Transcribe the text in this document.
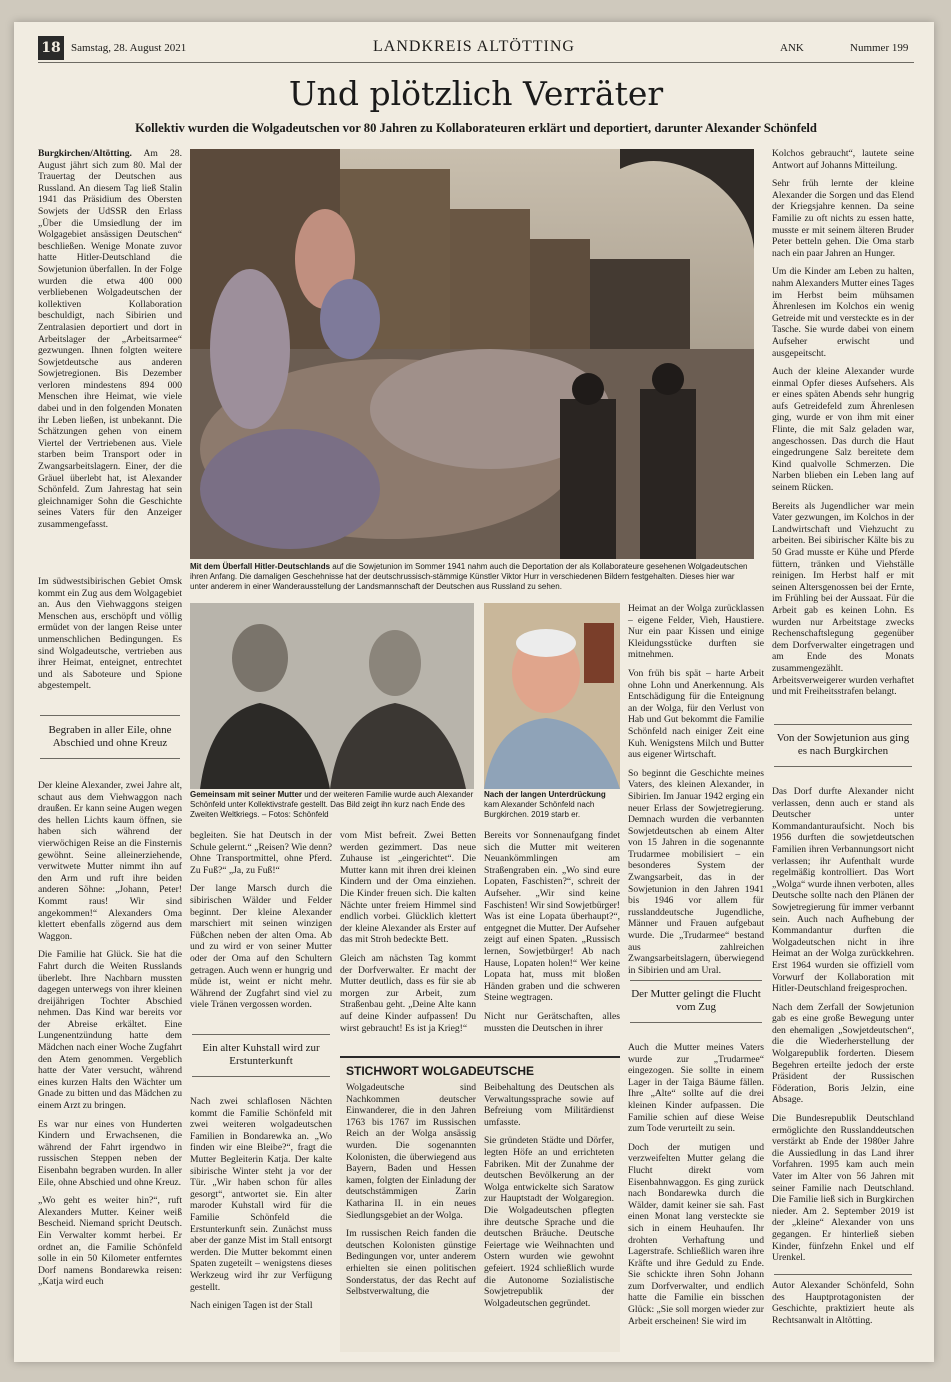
18 Samstag, 28. August 2021	LANDKREIS ALTÖTTING	ANK	Nummer 199
Und plötzlich Verräter
Kollektiv wurden die Wolgadeutschen vor 80 Jahren zu Kollaborateuren erklärt und deportiert, darunter Alexander Schönfeld

Burgkirchen/Altötting. Am 28. August jährt sich zum 80. Mal der Trauertag der Deutschen aus Russland. An diesem Tag ließ Stalin 1941 das Präsidium des Obersten Sowjets der UdSSR den Erlass „Über die Umsiedlung der im Wolgagebiet ansässigen Deutschen“ beschließen. Wenige Monate zuvor hatte Hitler-Deutschland die Sowjetunion überfallen. In der Folge wurden die etwa 400 000 verbliebenen Wolgadeutschen der kollektiven Kollaboration beschuldigt, nach Sibirien und Zentralasien deportiert und dort in Arbeitslager der „Arbeitsarmee“ gezwungen. Ihnen folgten weitere Sowjetdeutsche aus anderen Sowjetregionen. Bis Dezember verloren mindestens 894 000 Menschen ihre Heimat, wie viele dabei und in den folgenden Monaten ihr Leben ließen, ist unbekannt. Die Schätzungen gehen von einem Viertel der Vertriebenen aus. Viele starben beim Transport oder in Zwangsarbeitslagern. Einer, der die Gräuel überlebt hat, ist Alexander Schönfeld. Zum Jahrestag hat sein gleichnamiger Sohn die Geschichte seines Vaters für den Anzeiger zusammengefasst.

Im südwestsibirischen Gebiet Omsk kommt ein Zug aus dem Wolgagebiet an. Aus den Viehwaggons steigen Menschen aus, erschöpft und völlig ermüdet von der langen Reise unter unmenschlichen Bedingungen. Es sind Wolgadeutsche, vertrieben aus ihrer Heimat, enteignet, entrechtet und als Saboteure und Spione abgestempelt.

Begraben in aller Eile, ohne Abschied und ohne Kreuz

Der kleine Alexander, zwei Jahre alt, schaut aus dem Viehwaggon nach draußen. Er kann seine Augen wegen des hellen Lichts kaum öffnen, sie haben sich während der vierwöchigen Reise an die Finsternis gewöhnt. Seine alleinerziehende, verwitwete Mutter nimmt ihn auf den Arm und ruft ihre beiden anderen Söhne: „Johann, Peter! Kommt raus! Wir sind angekommen!“ Alexanders Oma klettert ebenfalls zögernd aus dem Waggon.

Die Familie hat Glück. Sie hat die Fahrt durch die Weiten Russlands überlebt. Ihre Nachbarn mussten dagegen unterwegs von ihrer kleinen dreijährigen Tochter Abschied nehmen. Das Kind war bereits vor der Abreise erkältet. Eine Lungenentzündung hatte dem Mädchen nach einer Woche Zugfahrt den Atem genommen. Vergeblich hatte der Vater versucht, während eines kurzen Halts den Wächter um Gnade zu bitten und das Mädchen zu einem Arzt zu bringen.

Es war nur eines von Hunderten Kindern und Erwachsenen, die während der Fahrt irgendwo in russischen Steppen neben der Eisenbahn begraben wurden. In aller Eile, ohne Abschied und ohne Kreuz.

„Wo geht es weiter hin?“, ruft Alexanders Mutter. Keiner weiß Bescheid. Niemand spricht Deutsch. Ein Verwalter kommt herbei. Er ordnet an, die Familie Schönfeld solle in ein 50 Kilometer entferntes Dorf namens Bondarewka reisen: „Katja wird euch

Mit dem Überfall Hitler-Deutschlands auf die Sowjetunion im Sommer 1941 nahm auch die Deportation der als Kollaborateure gesehenen Wolgadeutschen ihren Anfang. Die damaligen Geschehnisse hat der deutschrussisch-stämmige Künstler Viktor Hurr in verschiedenen Bildern festgehalten. Dieses hier war unter anderem in einer Wanderausstellung der Landsmannschaft der Deutschen aus Russland zu sehen.
Gemeinsam mit seiner Mutter und der weiteren Familie wurde auch Alexander Schönfeld unter Kollektivstrafe gestellt. Das Bild zeigt ihn kurz nach Ende des Zweiten Weltkriegs. – Fotos: Schönfeld
Nach der langen Unterdrückung kam Alexander Schönfeld nach Burgkirchen. 2019 starb er.

begleiten. Sie hat Deutsch in der Schule gelernt.“ „Reisen? Wie denn? Ohne Transportmittel, ohne Pferd. Zu Fuß?“ „Ja, zu Fuß!“

Der lange Marsch durch die sibirischen Wälder und Felder beginnt. Der kleine Alexander marschiert mit seinen winzigen Füßchen neben der alten Oma. Ab und zu wird er von seiner Mutter oder der Oma auf den Schultern getragen. Auch wenn er hungrig und müde ist, weint er nicht mehr. Während der Zugfahrt sind viel zu viele Tränen vergossen worden.

Ein alter Kuhstall wird zur Erstunterkunft

Nach zwei schlaflosen Nächten kommt die Familie Schönfeld mit zwei weiteren wolgadeutschen Familien in Bondarewka an. „Wo finden wir eine Bleibe?“, fragt die Mutter Begleiterin Katja. Der kalte sibirische Winter steht ja vor der Tür. „Wir haben schon für alles gesorgt“, antwortet sie. Ein alter maroder Kuhstall wird für die Familie Schönfeld die Erstunterkunft sein. Zunächst muss aber der ganze Mist im Stall entsorgt werden. Die Mutter bekommt einen Spaten zugeteilt – wenigstens dieses Werkzeug wird ihr zur Verfügung gestellt.

Nach einigen Tagen ist der Stall

vom Mist befreit. Zwei Betten werden gezimmert. Das neue Zuhause ist „eingerichtet“. Die Mutter kann mit ihren drei kleinen Kindern und der Oma einziehen. Die Kinder freuen sich. Die kalten Nächte unter freiem Himmel sind endlich vorbei. Glücklich klettert der kleine Alexander als Erster auf das mit Stroh bedeckte Bett.

Gleich am nächsten Tag kommt der Dorfverwalter. Er macht der Mutter deutlich, dass es für sie ab morgen zur Arbeit, zum Straßenbau geht. „Deine Alte kann auf deine Kinder aufpassen! Du wirst gebraucht! Es ist ja Krieg!“

Bereits vor Sonnenaufgang findet sich die Mutter mit weiteren Neuankömmlingen am Straßengraben ein. „Wo sind eure Lopaten, Faschisten?“, schreit der Aufseher. „Wir sind keine Faschisten! Wir sind Sowjetbürger! Was ist eine Lopata überhaupt?“, entgegnet die Mutter. Der Aufseher zeigt auf einen Spaten. „Russisch lernen, Sowjetbürger! Ab nach Hause, Lopaten holen!“ Wer keine Lopata hat, muss mit bloßen Händen graben und die schweren Steine wegtragen.

Nicht nur Gerätschaften, alles mussten die Deutschen in ihrer

STICHWORT WOLGADEUTSCHE

Wolgadeutsche sind Nachkommen deutscher Einwanderer, die in den Jahren 1763 bis 1767 im Russischen Reich an der Wolga ansässig wurden. Die sogenannten Kolonisten, die überwiegend aus Bayern, Baden und Hessen kamen, folgten der Einladung der deutschstämmigen Zarin Katharina II. in ein neues Siedlungsgebiet an der Wolga.

Im russischen Reich fanden die deutschen Kolonisten günstige Bedingungen vor, unter anderem erhielten sie einen politischen Sonderstatus, der das Recht auf Selbstverwaltung, die

Beibehaltung des Deutschen als Verwaltungssprache sowie auf Befreiung vom Militärdienst umfasste.

Sie gründeten Städte und Dörfer, legten Höfe an und errichteten Fabriken. Mit der Zunahme der deutschen Bevölkerung an der Wolga entwickelte sich Saratow zur Hauptstadt der Wolgaregion. Die Wolgadeutschen pflegten ihre deutsche Sprache und die deutschen Bräuche. Deutsche Feiertage wie Weihnachten und Ostern wurden wie gewohnt gefeiert. 1924 schließlich wurde die Autonome Sozialistische Sowjetrepublik der Wolgadeutschen gegründet.

Heimat an der Wolga zurücklassen – eigene Felder, Vieh, Haustiere. Nur ein paar Kissen und einige Kleidungsstücke durften sie mitnehmen.

Von früh bis spät – harte Arbeit ohne Lohn und Anerkennung. Als Entschädigung für die Enteignung an der Wolga, für den Verlust von Hab und Gut bekommt die Familie Schönfeld nach einiger Zeit eine Kuh. Wenigstens Milch und Butter aus eigener Wirtschaft.

So beginnt die Geschichte meines Vaters, des kleinen Alexander, in Sibirien. Im Januar 1942 erging ein neuer Erlass der Sowjetregierung. Demnach wurden die verbannten Sowjetdeutschen ab einem Alter von 15 Jahren in die sogenannte Trudarmee mobilisiert – ein besonderes System der Zwangsarbeit, das in der Sowjetunion in den Jahren 1941 bis 1946 vor allem für russlanddeutsche Jugendliche, Männer und Frauen aufgebaut wurde. Die „Trudarmee“ bestand aus zahlreichen Zwangsarbeitslagern, überwiegend in Sibirien und am Ural.

Der Mutter gelingt die Flucht vom Zug

Auch die Mutter meines Vaters wurde zur „Trudarmee“ eingezogen. Sie sollte in einem Lager in der Taiga Bäume fällen. Ihre „Alte“ sollte auf die drei kleinen Kinder aufpassen. Die Familie schien auf diese Weise zum Tode verurteilt zu sein.

Doch der mutigen und verzweifelten Mutter gelang die Flucht direkt vom Eisenbahnwaggon. Es ging zurück nach Bondarewka durch die Wälder, damit keiner sie sah. Fast einen Monat lang versteckte sie sich in einem Heuhaufen. Ihr drohten Verhaftung und Lagerstrafe. Schließlich waren ihre Kräfte und ihre Geduld zu Ende. Sie schickte ihren Sohn Johann zum Dorfverwalter, und endlich hatte die Familie ein bisschen Glück: „Sie soll morgen wieder zur Arbeit erscheinen! Sie wird im

Kolchos gebraucht“, lautete seine Antwort auf Johanns Mitteilung.

Sehr früh lernte der kleine Alexander die Sorgen und das Elend der Kriegsjahre kennen. Da seine Familie zu oft nichts zu essen hatte, musste er mit seinem älteren Bruder Peter betteln gehen. Die Oma starb nach ein paar Jahren an Hunger.

Um die Kinder am Leben zu halten, nahm Alexanders Mutter eines Tages im Herbst beim mühsamen Ährenlesen im Kolchos ein wenig Getreide mit und versteckte es in der Tasche. Sie wurde dabei von einem Aufseher erwischt und ausgepeitscht.

Auch der kleine Alexander wurde einmal Opfer dieses Aufsehers. Als er eines späten Abends sehr hungrig aufs Getreidefeld zum Ährenlesen ging, wurde er von ihm mit einer Flinte, die mit Salz geladen war, angeschossen. Das durch die Haut eingedrungene Salz bereitete dem Kind qualvolle Schmerzen. Die Narben blieben ein Leben lang auf seinem Rücken.

Bereits als Jugendlicher war mein Vater gezwungen, im Kolchos in der Landwirtschaft und Viehzucht zu arbeiten. Bei sibirischer Kälte bis zu 50 Grad musste er Kühe und Pferde füttern, tränken und Viehställe reinigen. Im Herbst half er mit seinen Altersgenossen bei der Ernte, im Frühling bei der Aussaat. Für die Arbeit gab es keinen Lohn. Es wurden nur Arbeitstage zwecks Rechenschaftslegung gegenüber dem Dorfverwalter eingetragen und am Ende des Monats zusammengezählt. Arbeitsverweigerer wurden verhaftet und mit Freiheitsstrafen belangt.

Von der Sowjetunion aus ging es nach Burgkirchen

Das Dorf durfte Alexander nicht verlassen, denn auch er stand als Deutscher unter Kommandanturaufsicht. Noch bis 1956 durften die sowjetdeutschen Familien ihren Verbannungsort nicht verlassen; ihr Aufenthalt wurde regelmäßig kontrolliert. Das Wort „Wolga“ wurde ihnen verboten, alles Deutsche sollte nach den Plänen der Sowjetregierung für immer verbannt sein. Auch nach Aufhebung der Kommandantur durften die Wolgadeutschen nicht in ihre Heimat an der Wolga zurückkehren. Erst 1964 wurden sie offiziell vom Vorwurf der Kollaboration mit Hitler-Deutschland freigesprochen.

Nach dem Zerfall der Sowjetunion gab es eine große Bewegung unter den ehemaligen „Sowjetdeutschen“, die die Wiederherstellung der Wolgarepublik forderten. Diesem Begehren erteilte jedoch der erste Präsident der Russischen Föderation, Boris Jelzin, eine Absage.

Die Bundesrepublik Deutschland ermöglichte den Russlanddeutschen verstärkt ab Ende der 1980er Jahre die Aussiedlung in das Land ihrer Vorfahren. 1995 kam auch mein Vater im Alter von 56 Jahren mit seiner Familie nach Deutschland. Die Familie ließ sich in Burgkirchen nieder. Am 2. September 2019 ist der „kleine“ Alexander von uns gegangen. Er hinterließ sieben Kinder, fünfzehn Enkel und elf Urenkel.

Autor Alexander Schönfeld, Sohn des Hauptprotagonisten der Geschichte, praktiziert heute als Rechtsanwalt in Altötting.
